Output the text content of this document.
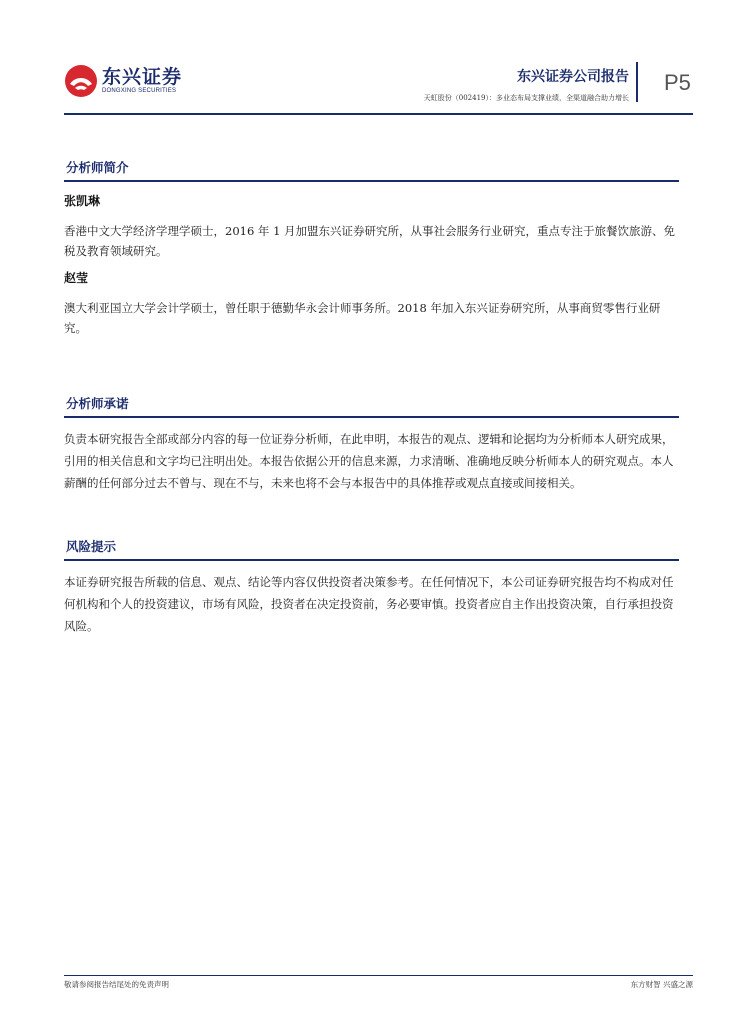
东兴证券
DONGXING SECURITIES
东兴证券公司报告
天虹股份（002419）：多业态布局支撑业绩，全渠道融合助力增长
P5
分析师简介
张凯琳
香港中文大学经济学理学硕士，2016 年 1 月加盟东兴证券研究所，从事社会服务行业研究，重点专注于旅餐饮旅游、免税及教育领域研究。
赵莹
澳大利亚国立大学会计学硕士，曾任职于德勤华永会计师事务所。2018 年加入东兴证券研究所，从事商贸零售行业研究。
分析师承诺
负责本研究报告全部或部分内容的每一位证券分析师，在此申明，本报告的观点、逻辑和论据均为分析师本人研究成果，引用的相关信息和文字均已注明出处。本报告依据公开的信息来源，力求清晰、准确地反映分析师本人的研究观点。本人薪酬的任何部分过去不曾与、现在不与，未来也将不会与本报告中的具体推荐或观点直接或间接相关。
风险提示
本证券研究报告所载的信息、观点、结论等内容仅供投资者决策参考。在任何情况下，本公司证券研究报告均不构成对任何机构和个人的投资建议，市场有风险，投资者在决定投资前，务必要审慎。投资者应自主作出投资决策，自行承担投资风险。
敬请参阅报告结尾处的免责声明	东方财智 兴盛之源
